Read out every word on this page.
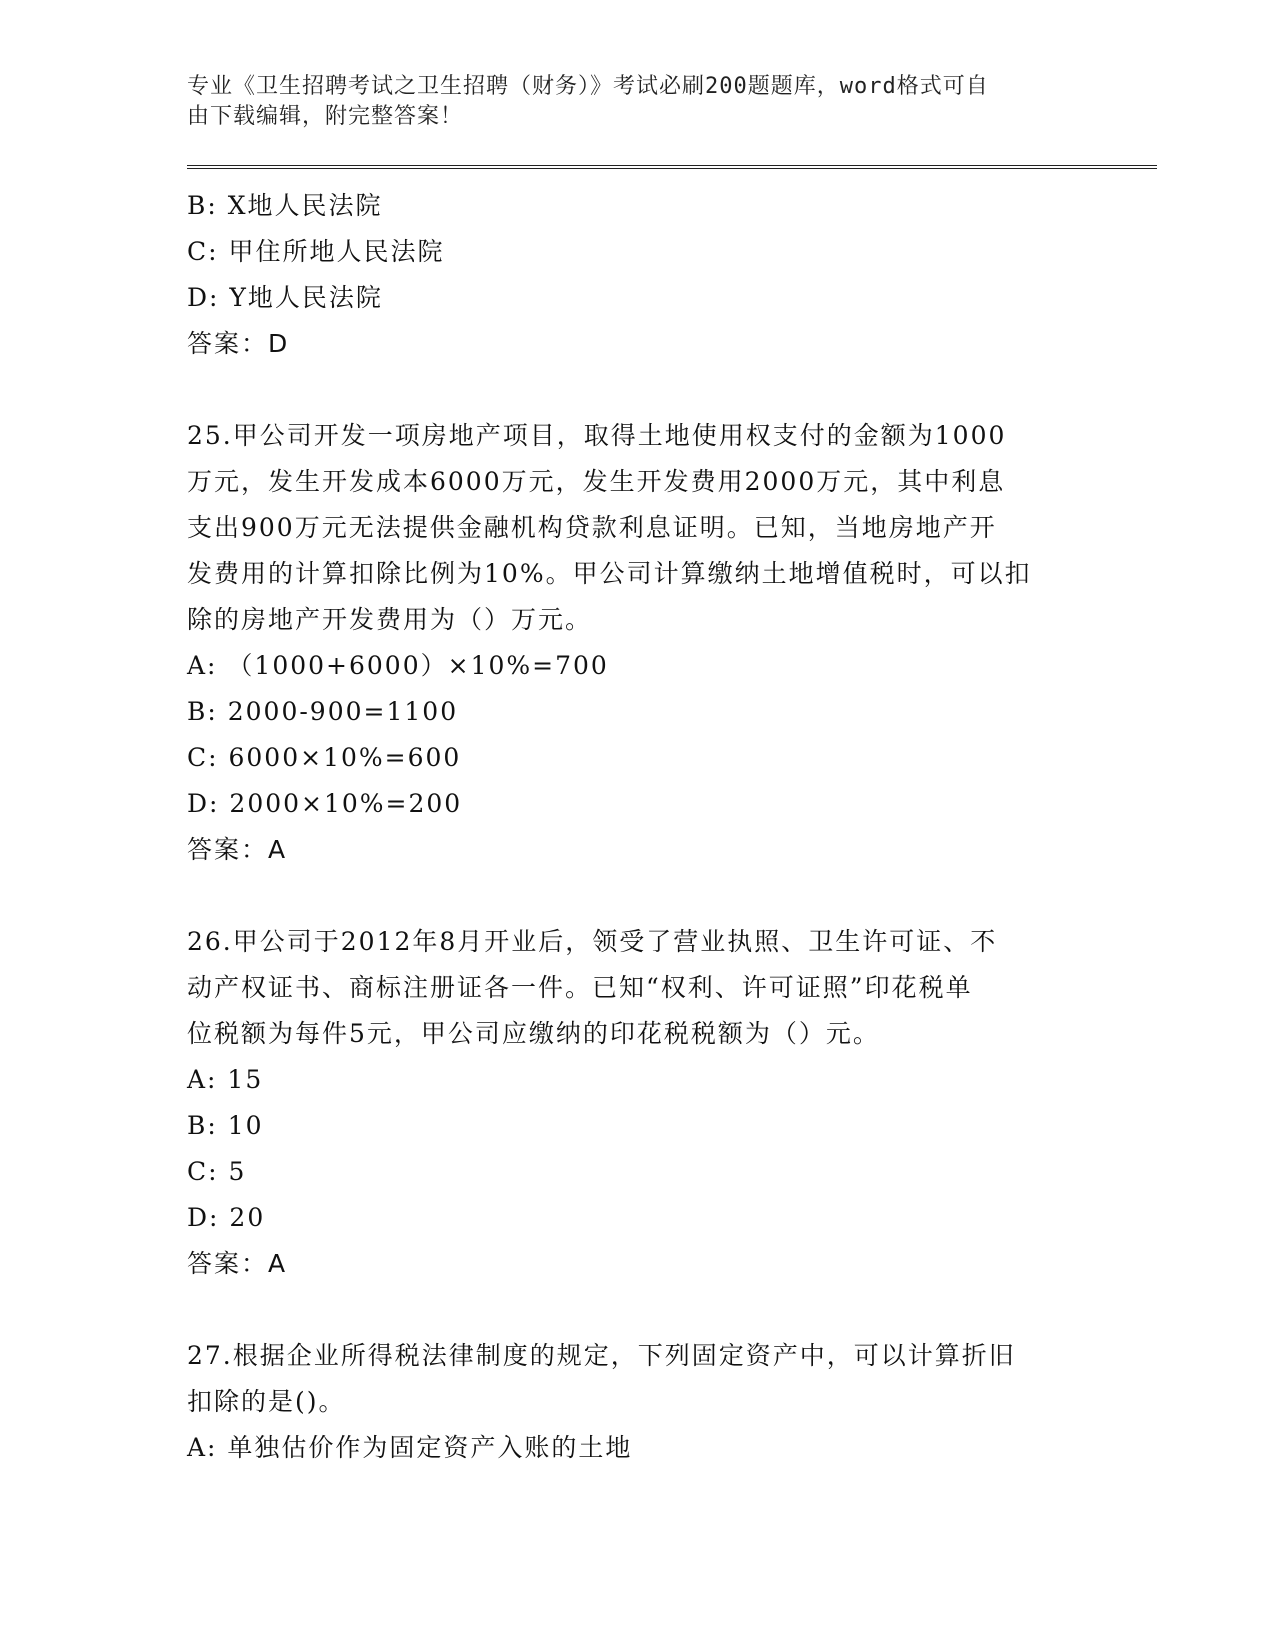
专业《卫生招聘考试之卫生招聘（财务）》考试必刷200题题库，word格式可自
由下载编辑，附完整答案！
B: X地人民法院
C: 甲住所地人民法院
D: Y地人民法院
答案：D
25.甲公司开发一项房地产项目，取得土地使用权支付的金额为1000
万元，发生开发成本6000万元，发生开发费用2000万元，其中利息
支出900万元无法提供金融机构贷款利息证明。已知，当地房地产开
发费用的计算扣除比例为10%。甲公司计算缴纳土地增值税时，可以扣
除的房地产开发费用为（）万元。
A: （1000+6000）×10%=700
B: 2000-900=1100
C: 6000×10%=600
D: 2000×10%=200
答案：A
26.甲公司于2012年8月开业后，领受了营业执照、卫生许可证、不
动产权证书、商标注册证各一件。已知“权利、许可证照”印花税单
位税额为每件5元，甲公司应缴纳的印花税税额为（）元。
A: 15
B: 10
C: 5
D: 20
答案：A
27.根据企业所得税法律制度的规定，下列固定资产中，可以计算折旧
扣除的是()。
A: 单独估价作为固定资产入账的土地
